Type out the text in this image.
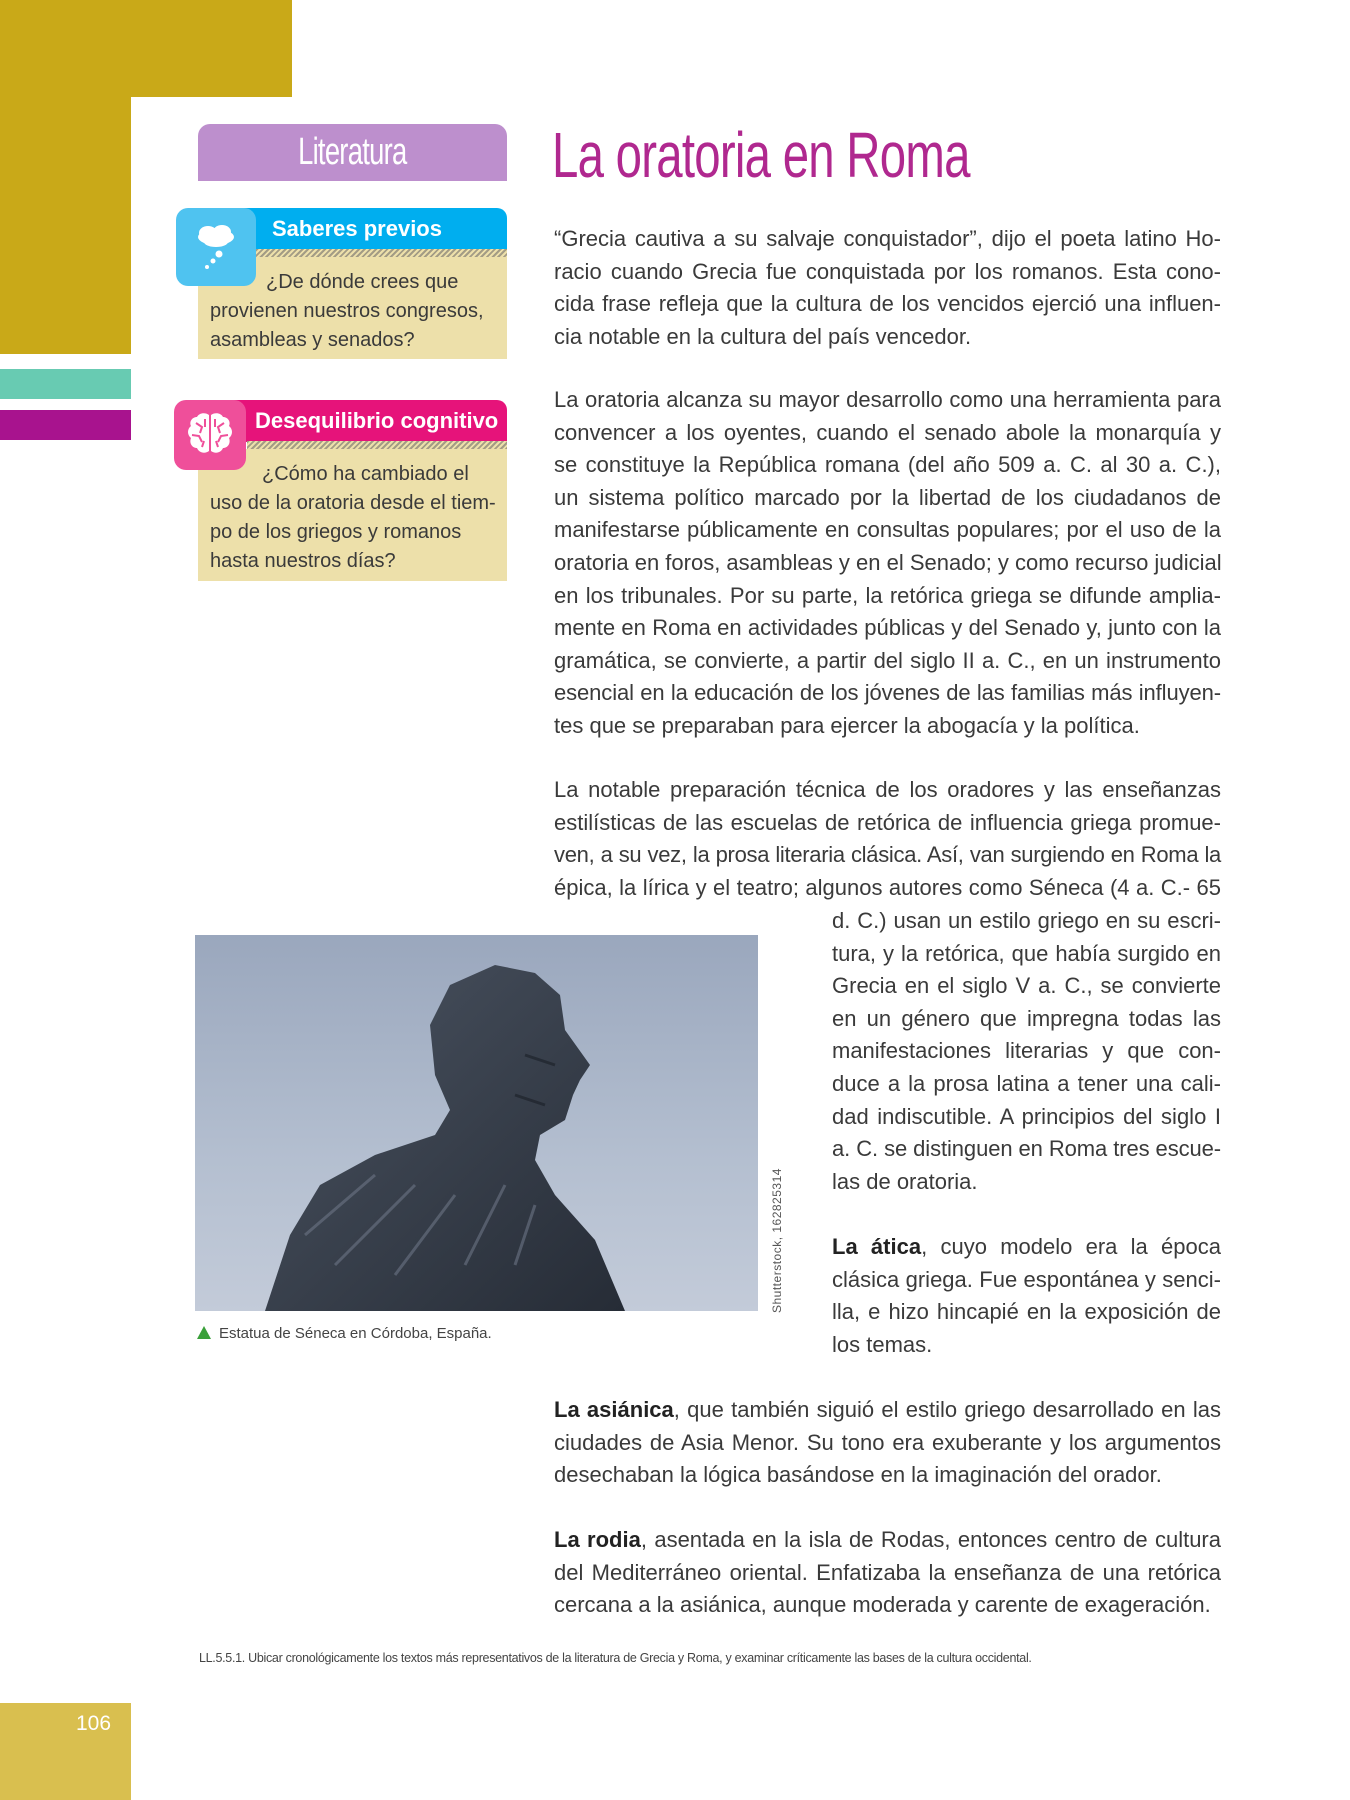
Literatura
Saberes previos
¿De dónde crees que
provienen nuestros congresos,
asambleas y senados?
Desequilibrio cognitivo
¿Cómo ha cambiado el
uso de la oratoria desde el tiem-
po de los griegos y romanos
hasta nuestros días?
La oratoria en Roma
“Grecia cautiva a su salvaje conquistador”, dijo el poeta latino Ho-
racio cuando Grecia fue conquistada por los romanos. Esta cono-
cida frase refleja que la cultura de los vencidos ejerció una influen-
cia notable en la cultura del país vencedor.
La oratoria alcanza su mayor desarrollo como una herramienta para
convencer a los oyentes, cuando el senado abole la monarquía y
se constituye la República romana (del año 509 a. C. al 30 a. C.),
un sistema político marcado por la libertad de los ciudadanos de
manifestarse públicamente en consultas populares; por el uso de la
oratoria en foros, asambleas y en el Senado; y como recurso judicial
en los tribunales. Por su parte, la retórica griega se difunde amplia-
mente en Roma en actividades públicas y del Senado y, junto con la
gramática, se convierte, a partir del siglo II a. C., en un instrumento
esencial en la educación de los jóvenes de las familias más influyen-
tes que se preparaban para ejercer la abogacía y la política.
La notable preparación técnica de los oradores y las enseñanzas
estilísticas de las escuelas de retórica de influencia griega promue-
ven, a su vez, la prosa literaria clásica. Así, van surgiendo en Roma la
épica, la lírica y el teatro; algunos autores como Séneca (4 a. C.- 65
d. C.) usan un estilo griego en su escri-
tura, y la retórica, que había surgido en
Grecia en el siglo V a. C., se convierte
en un género que impregna todas las
manifestaciones literarias y que con-
duce a la prosa latina a tener una cali-
dad indiscutible. A principios del siglo I
a. C. se distinguen en Roma tres escue-
las de oratoria.
La ática, cuyo modelo era la época
clásica griega. Fue espontánea y senci-
lla, e hizo hincapié en la exposición de
los temas.
La asiánica, que también siguió el estilo griego desarrollado en las
ciudades de Asia Menor. Su tono era exuberante y los argumentos
desechaban la lógica basándose en la imaginación del orador.
La rodia, asentada en la isla de Rodas, entonces centro de cultura
del Mediterráneo oriental. Enfatizaba la enseñanza de una retórica
cercana a la asiánica, aunque moderada y carente de exageración.
Shutterstock, 162825314
Estatua de Séneca en Córdoba, España.
LL.5.5.1. Ubicar cronológicamente los textos más representativos de la literatura de Grecia y Roma, y examinar críticamente las bases de la cultura occidental.
106
